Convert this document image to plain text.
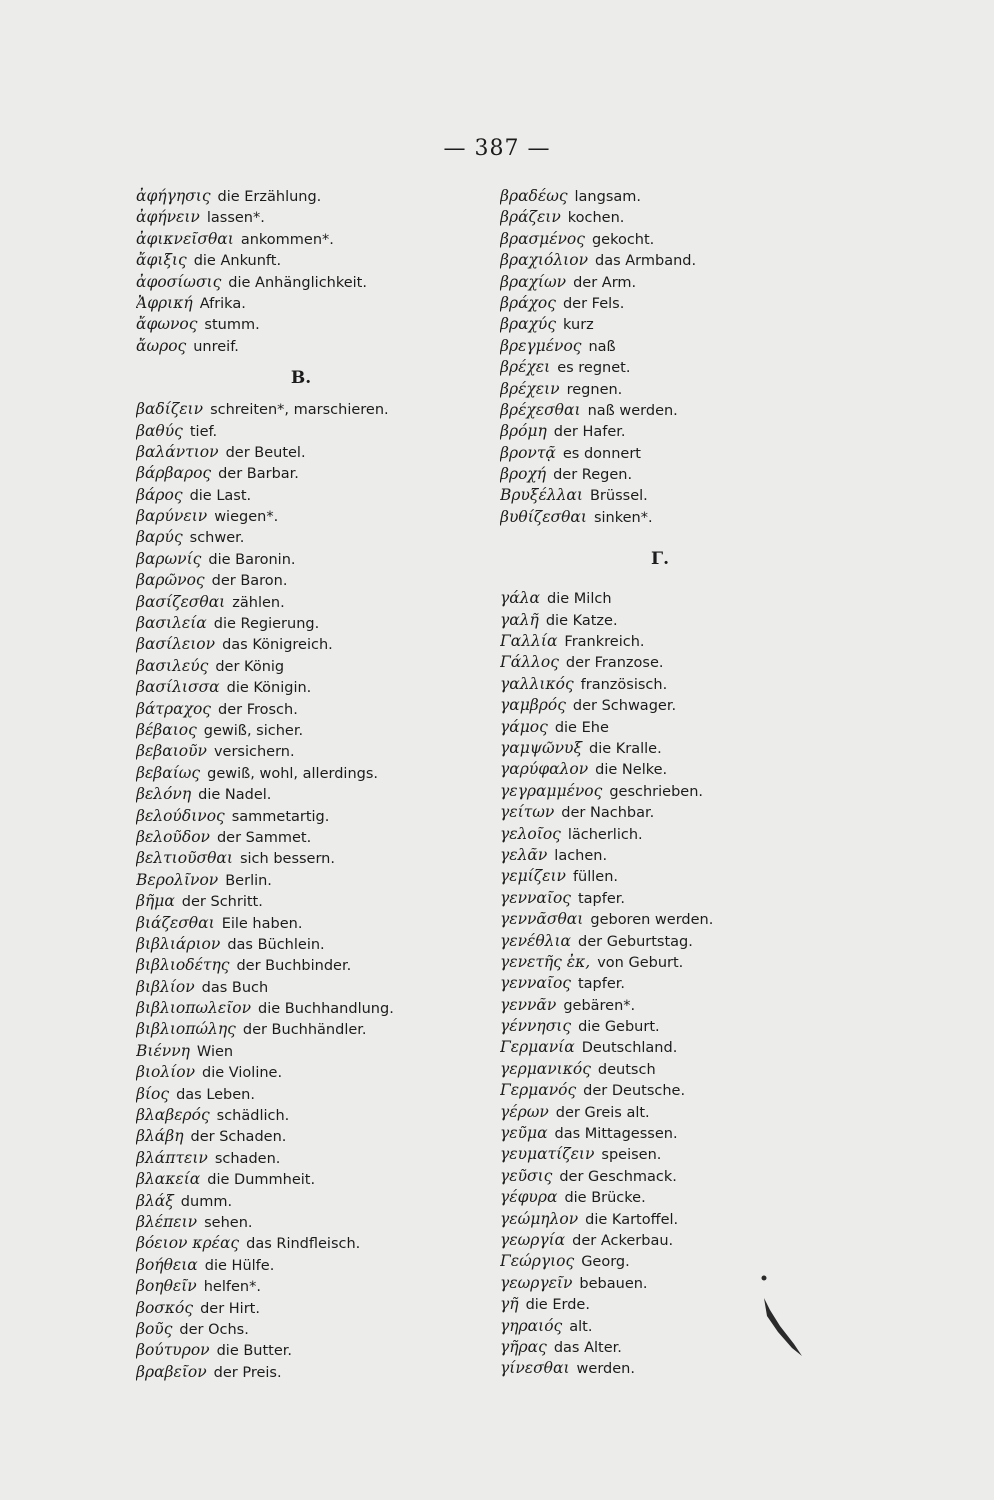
— 387 —
ἀφήγησις die Erzählung.
ἀφήνειν lassen*.
ἀφικνεῖσθαι ankommen*.
ἄφιξις die Ankunft.
ἀφοσίωσις die Anhänglichkeit.
Ἀφρική Afrika.
ἄφωνος stumm.
ἄωρος unreif.
B.
βαδίζειν schreiten*, marschieren.
βαθύς tief.
βαλάντιον der Beutel.
βάρβαρος der Barbar.
βάρος die Last.
βαρύνειν wiegen*.
βαρύς schwer.
βαρωνίς die Baronin.
βαρῶνος der Baron.
βασίζεσθαι zählen.
βασιλεία die Regierung.
βασίλειον das Königreich.
βασιλεύς der König
βασίλισσα die Königin.
βάτραχος der Frosch.
βέβαιος gewiß, sicher.
βεβαιοῦν versichern.
βεβαίως gewiß, wohl, allerdings.
βελόνη die Nadel.
βελούδινος sammetartig.
βελοῦδον der Sammet.
βελτιοῦσθαι sich bessern.
Βερολῖνον Berlin.
βῆμα der Schritt.
βιάζεσθαι Eile haben.
βιβλιάριον das Büchlein.
βιβλιοδέτης der Buchbinder.
βιβλίον das Buch
βιβλιοπωλεῖον die Buchhandlung.
βιβλιοπώλης der Buchhändler.
Βιέννη Wien
βιολίον die Violine.
βίος das Leben.
βλαβερός schädlich.
βλάβη der Schaden.
βλάπτειν schaden.
βλακεία die Dummheit.
βλάξ dumm.
βλέπειν sehen.
βόειον κρέας das Rindfleisch.
βοήθεια die Hülfe.
βοηθεῖν helfen*.
βοσκός der Hirt.
βοῦς der Ochs.
βούτυρον die Butter.
βραβεῖον der Preis.
βραδέως langsam.
βράζειν kochen.
βρασμένος gekocht.
βραχιόλιον das Armband.
βραχίων der Arm.
βράχος der Fels.
βραχύς kurz
βρεγμένος naß
βρέχει es regnet.
βρέχειν regnen.
βρέχεσθαι naß werden.
βρόμη der Hafer.
βροντᾷ es donnert
βροχή der Regen.
Βρυξέλλαι Brüssel.
βυθίζεσθαι sinken*.
Γ.
γάλα die Milch
γαλῆ die Katze.
Γαλλία Frankreich.
Γάλλος der Franzose.
γαλλικός französisch.
γαμβρός der Schwager.
γάμος die Ehe
γαμψῶνυξ die Kralle.
γαρύφαλον die Nelke.
γεγραμμένος geschrieben.
γείτων der Nachbar.
γελοῖος lächerlich.
γελᾶν lachen.
γεμίζειν füllen.
γενναῖος tapfer.
γεννᾶσθαι geboren werden.
γενέθλια der Geburtstag.
γενετῆς ἐκ, von Geburt.
γενναῖος tapfer.
γεννᾶν gebären*.
γέννησις die Geburt.
Γερμανία Deutschland.
γερμανικός deutsch
Γερμανός der Deutsche.
γέρων der Greis alt.
γεῦμα das Mittagessen.
γευματίζειν speisen.
γεῦσις der Geschmack.
γέφυρα die Brücke.
γεώμηλον die Kartoffel.
γεωργία der Ackerbau.
Γεώργιος Georg.
γεωργεῖν bebauen.
γῆ die Erde.
γηραιός alt.
γῆρας das Alter.
γίνεσθαι werden.
